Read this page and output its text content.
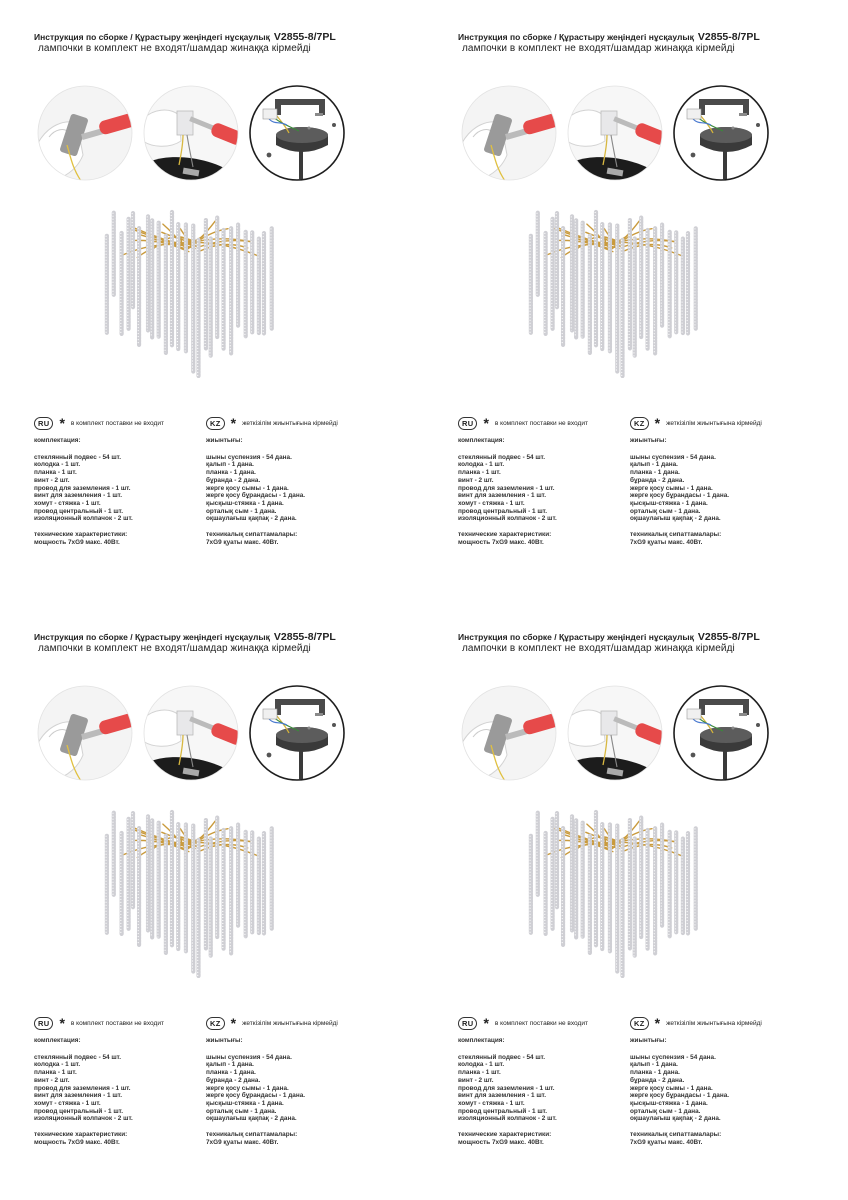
Инструкция по сборке / Құрастыру жеңіндегі нұсқаулық V2855-8/7PL
лампочки в комплект не входят/шамдар жинаққа кірмейді
RU * в комплект поставки не входит	KZ * жеткізілім жиынтығына кірмейді
комплектация:
стеклянный подвес - 54 шт.
колодка - 1 шт.
планка - 1 шт.
винт - 2 шт.
провод для заземления - 1 шт.
винт для заземления - 1 шт.
хомут - стяжка - 1 шт.
провод центральный - 1 шт.
изоляционный колпачок - 2 шт.
технические характеристики:
мощность 7хG9 макс. 40Вт.
жиынтығы:
шыны суспензия - 54 дана.
қалып - 1 дана.
планка - 1 дана.
бұранда - 2 дана.
жерге қосу сымы - 1 дана.
жерге қосу бұрандасы - 1 дана.
қысқыш-стяжка - 1 дана.
орталық сым - 1 дана.
оқшаулағыш қақпақ - 2 дана.
техникалық сипаттамалары:
7хG9 қуаты макс. 40Вт.
Инструкция по сборке / Құрастыру жеңіндегі нұсқаулық V2855-8/7PL
лампочки в комплект не входят/шамдар жинаққа кірмейді
RU * в комплект поставки не входит	KZ * жеткізілім жиынтығына кірмейді
комплектация:
стеклянный подвес - 54 шт.
колодка - 1 шт.
планка - 1 шт.
винт - 2 шт.
провод для заземления - 1 шт.
винт для заземления - 1 шт.
хомут - стяжка - 1 шт.
провод центральный - 1 шт.
изоляционный колпачок - 2 шт.
технические характеристики:
мощность 7хG9 макс. 40Вт.
жиынтығы:
шыны суспензия - 54 дана.
қалып - 1 дана.
планка - 1 дана.
бұранда - 2 дана.
жерге қосу сымы - 1 дана.
жерге қосу бұрандасы - 1 дана.
қысқыш-стяжка - 1 дана.
орталық сым - 1 дана.
оқшаулағыш қақпақ - 2 дана.
техникалық сипаттамалары:
7хG9 қуаты макс. 40Вт.
Инструкция по сборке / Құрастыру жеңіндегі нұсқаулық V2855-8/7PL
лампочки в комплект не входят/шамдар жинаққа кірмейді
RU * в комплект поставки не входит	KZ * жеткізілім жиынтығына кірмейді
комплектация:
стеклянный подвес - 54 шт.
колодка - 1 шт.
планка - 1 шт.
винт - 2 шт.
провод для заземления - 1 шт.
винт для заземления - 1 шт.
хомут - стяжка - 1 шт.
провод центральный - 1 шт.
изоляционный колпачок - 2 шт.
технические характеристики:
мощность 7хG9 макс. 40Вт.
жиынтығы:
шыны суспензия - 54 дана.
қалып - 1 дана.
планка - 1 дана.
бұранда - 2 дана.
жерге қосу сымы - 1 дана.
жерге қосу бұрандасы - 1 дана.
қысқыш-стяжка - 1 дана.
орталық сым - 1 дана.
оқшаулағыш қақпақ - 2 дана.
техникалық сипаттамалары:
7хG9 қуаты макс. 40Вт.
Инструкция по сборке / Құрастыру жеңіндегі нұсқаулық V2855-8/7PL
лампочки в комплект не входят/шамдар жинаққа кірмейді
RU * в комплект поставки не входит	KZ * жеткізілім жиынтығына кірмейді
комплектация:
стеклянный подвес - 54 шт.
колодка - 1 шт.
планка - 1 шт.
винт - 2 шт.
провод для заземления - 1 шт.
винт для заземления - 1 шт.
хомут - стяжка - 1 шт.
провод центральный - 1 шт.
изоляционный колпачок - 2 шт.
технические характеристики:
мощность 7хG9 макс. 40Вт.
жиынтығы:
шыны суспензия - 54 дана.
қалып - 1 дана.
планка - 1 дана.
бұранда - 2 дана.
жерге қосу сымы - 1 дана.
жерге қосу бұрандасы - 1 дана.
қысқыш-стяжка - 1 дана.
орталық сым - 1 дана.
оқшаулағыш қақпақ - 2 дана.
техникалық сипаттамалары:
7хG9 қуаты макс. 40Вт.
